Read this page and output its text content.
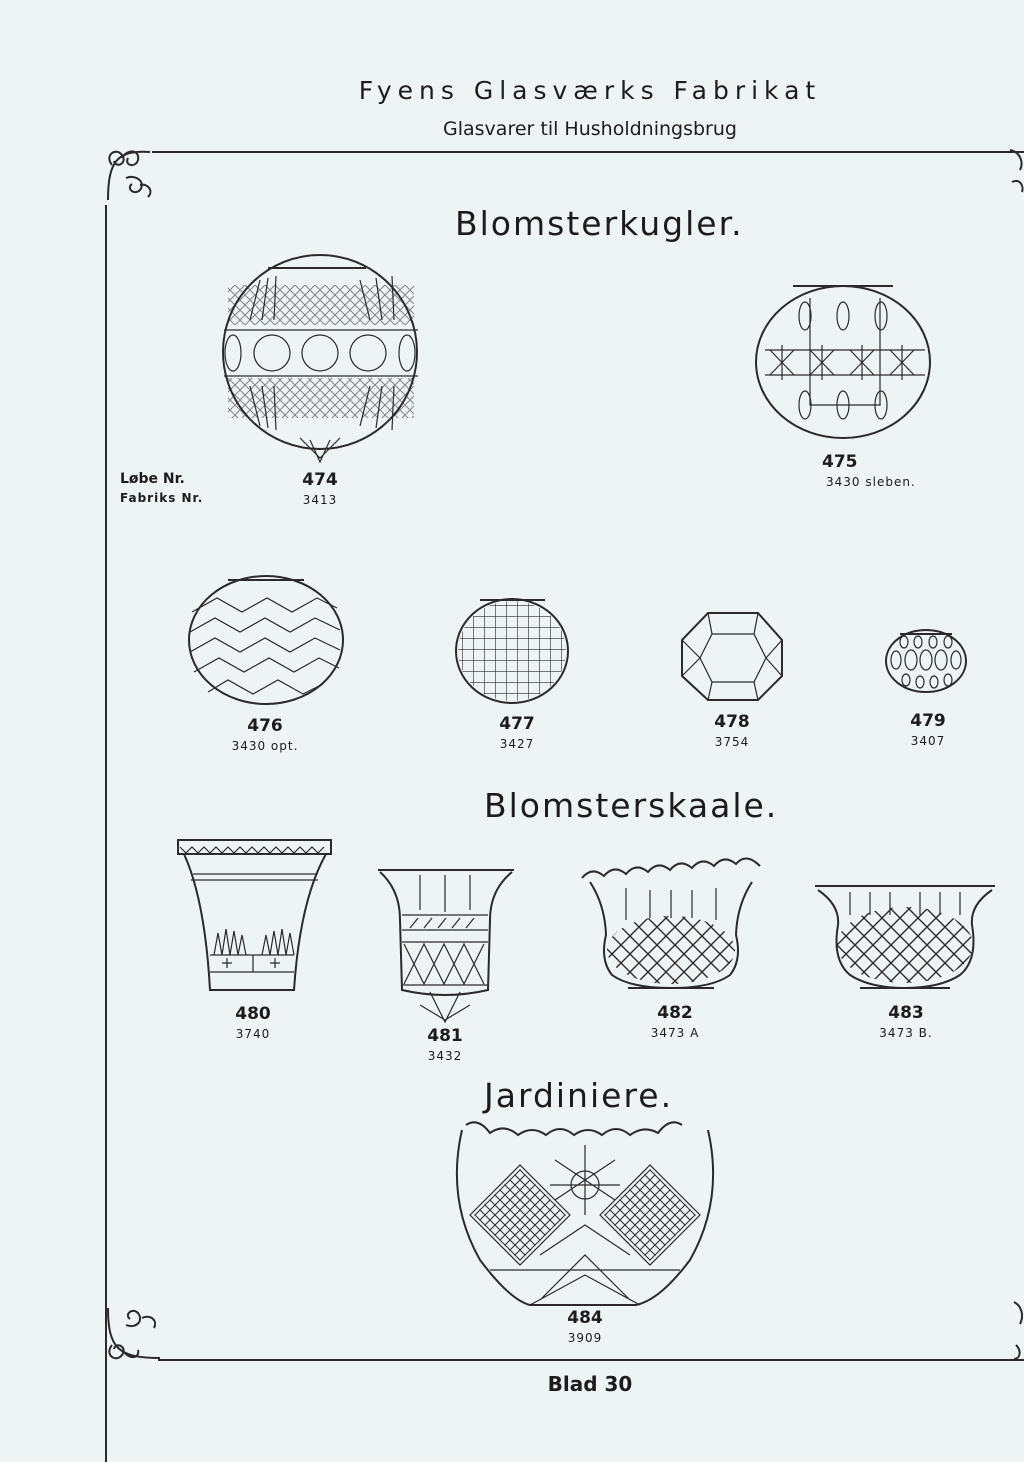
Fyens Glasværks Fabrikat
Glasvarer til Husholdningsbrug
Blomsterkugler.
Blomsterskaale.
Jardiniere.
Løbe Nr.
Fabriks Nr.
474
3413
475
3430 sleben.
476
3430 opt.
477
3427
478
3754
479
3407
480
3740	481
3432
482
3473 A
483
3473 B.
484
3909
Blad 30
